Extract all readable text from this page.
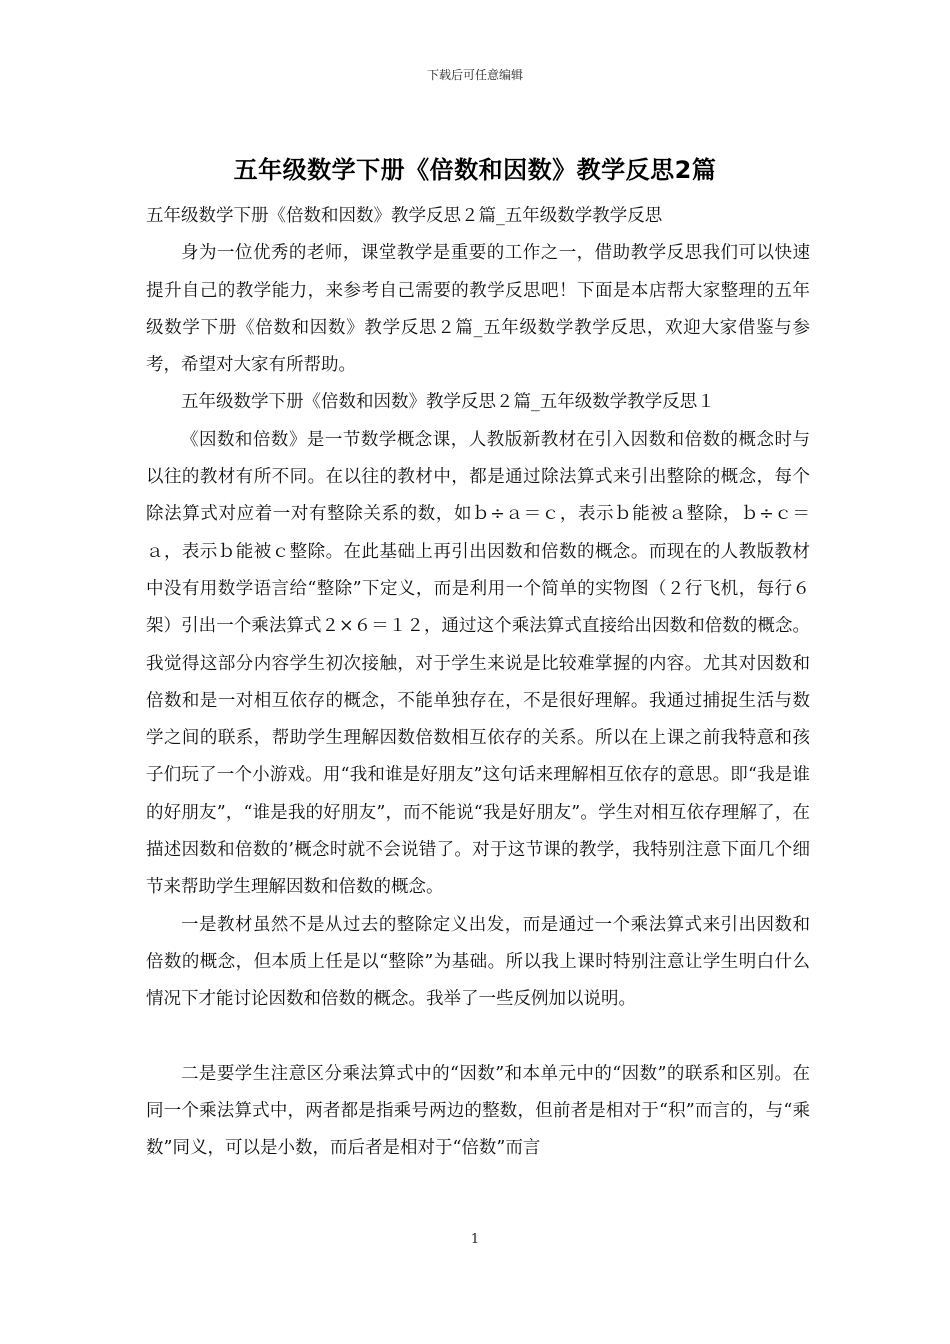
下载后可任意编辑
五年级数学下册《倍数和因数》教学反思2篇

五年级数学下册《倍数和因数》教学反思２篇_五年级数学教学反思

身为一位优秀的老师，课堂教学是重要的工作之一，借助教学反思我们可以快速提升自己的教学能力，来参考自己需要的教学反思吧！下面是本店帮大家整理的五年级数学下册《倍数和因数》教学反思２篇_五年级数学教学反思，欢迎大家借鉴与参考，希望对大家有所帮助。

五年级数学下册《倍数和因数》教学反思２篇_五年级数学教学反思１

《因数和倍数》是一节数学概念课，人教版新教材在引入因数和倍数的概念时与以往的教材有所不同。在以往的教材中，都是通过除法算式来引出整除的概念，每个除法算式对应着一对有整除关系的数，如ｂ÷ａ＝ｃ，表示ｂ能被ａ整除，ｂ÷ｃ＝ａ，表示ｂ能被ｃ整除。在此基础上再引出因数和倍数的概念。而现在的人教版教材中没有用数学语言给“整除”下定义，而是利用一个简单的实物图（２行飞机，每行６架）引出一个乘法算式２×６＝１２，通过这个乘法算式直接给出因数和倍数的概念。我觉得这部分内容学生初次接触，对于学生来说是比较难掌握的内容。尤其对因数和倍数和是一对相互依存的概念，不能单独存在，不是很好理解。我通过捕捉生活与数学之间的联系，帮助学生理解因数倍数相互依存的关系。所以在上课之前我特意和孩子们玩了一个小游戏。用“我和谁是好朋友”这句话来理解相互依存的意思。即“我是谁的好朋友”，“谁是我的好朋友”，而不能说“我是好朋友”。学生对相互依存理解了，在描述因数和倍数的’概念时就不会说错了。对于这节课的教学，我特别注意下面几个细节来帮助学生理解因数和倍数的概念。

一是教材虽然不是从过去的整除定义出发，而是通过一个乘法算式来引出因数和倍数的概念，但本质上任是以“整除”为基础。所以我上课时特别注意让学生明白什么情况下才能讨论因数和倍数的概念。我举了一些反例加以说明。

二是要学生注意区分乘法算式中的“因数”和本单元中的“因数”的联系和区别。在同一个乘法算式中，两者都是指乘号两边的整数，但前者是相对于“积”而言的，与“乘数”同义，可以是小数，而后者是相对于“倍数”而言

1
